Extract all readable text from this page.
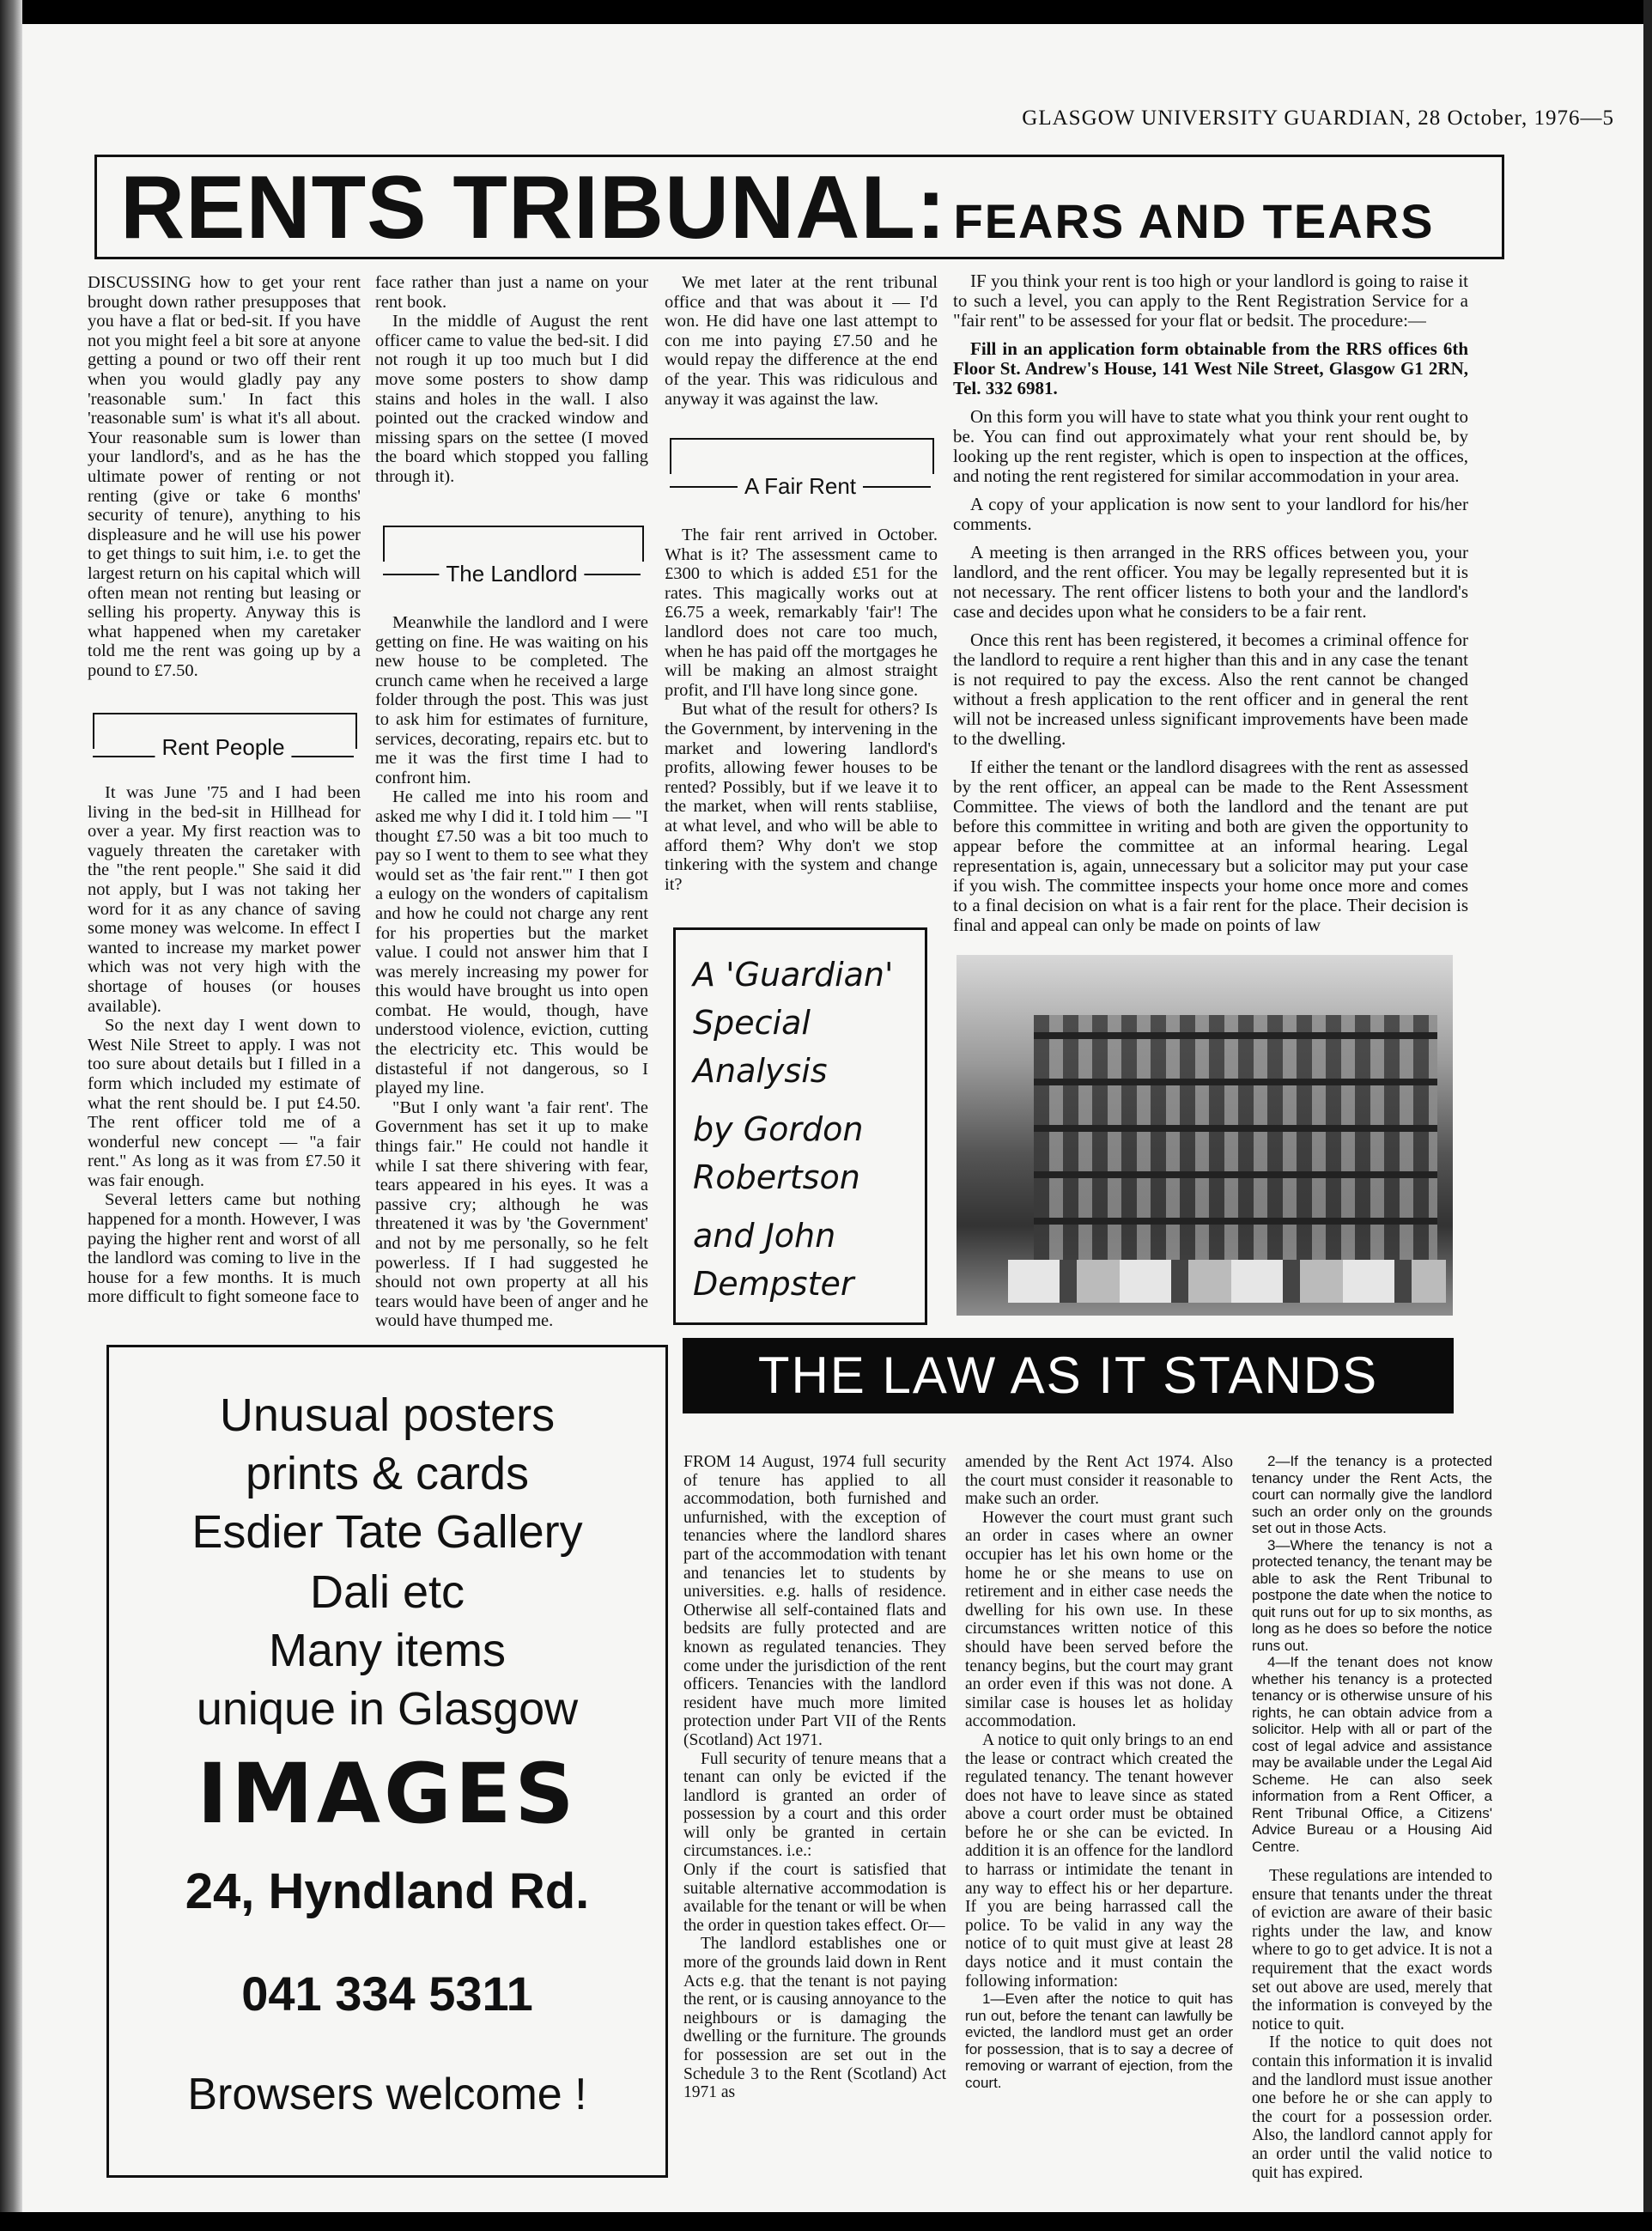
GLASGOW UNIVERSITY GUARDIAN, 28 October, 1976—5
RENTS TRIBUNAL: FEARS AND TEARS

DISCUSSING how to get your rent brought down rather presupposes that you have a flat or bed-sit. If you have not you might feel a bit sore at anyone getting a pound or two off their rent when you would gladly pay any 'reasonable sum.' In fact this 'reasonable sum' is what it's all about. Your reasonable sum is lower than your landlord's, and as he has the ultimate power of renting or not renting (give or take 6 months' security of tenure), anything to his displeasure and he will use his power to get things to suit him, i.e. to get the largest return on his capital which will often mean not renting but leasing or selling his property. Anyway this is what happened when my caretaker told me the rent was going up by a pound to £7.50.

Rent People

It was June '75 and I had been living in the bed-sit in Hillhead for over a year. My first reaction was to vaguely threaten the caretaker with the "the rent people." She said it did not apply, but I was not taking her word for it as any chance of saving some money was welcome. In effect I wanted to increase my market power which was not very high with the shortage of houses (or houses available).

So the next day I went down to West Nile Street to apply. I was not too sure about details but I filled in a form which included my estimate of what the rent should be. I put £4.50. The rent officer told me of a wonderful new concept — "a fair rent." As long as it was from £7.50 it was fair enough.

Several letters came but nothing happened for a month. However, I was paying the higher rent and worst of all the landlord was coming to live in the house for a few months. It is much more difficult to fight someone face to

face rather than just a name on your rent book.

In the middle of August the rent officer came to value the bed-sit. I did not rough it up too much but I did move some posters to show damp stains and holes in the wall. I also pointed out the cracked window and missing spars on the settee (I moved the board which stopped you falling through it).

The Landlord

Meanwhile the landlord and I were getting on fine. He was waiting on his new house to be completed. The crunch came when he received a large folder through the post. This was just to ask him for estimates of furniture, services, decorating, repairs etc. but to me it was the first time I had to confront him.

He called me into his room and asked me why I did it. I told him — "I thought £7.50 was a bit too much to pay so I went to them to see what they would set as 'the fair rent.'" I then got a eulogy on the wonders of capitalism and how he could not charge any rent for his properties but the market value. I could not answer him that I was merely increasing my power for this would have brought us into open combat. He would, though, have understood violence, eviction, cutting the electricity etc. This would be distasteful if not dangerous, so I played my line.

"But I only want 'a fair rent'. The Government has set it up to make things fair." He could not handle it while I sat there shivering with fear, tears appeared in his eyes. It was a passive cry; although he was threatened it was by 'the Government' and not by me personally, so he felt powerless. If I had suggested he should not own property at all his tears would have been of anger and he would have thumped me.

We met later at the rent tribunal office and that was about it — I'd won. He did have one last attempt to con me into paying £7.50 and he would repay the difference at the end of the year. This was ridiculous and anyway it was against the law.

A Fair Rent

The fair rent arrived in October. What is it? The assessment came to £300 to which is added £51 for the rates. This magically works out at £6.75 a week, remarkably 'fair'! The landlord does not care too much, when he has paid off the mortgages he will be making an almost straight profit, and I'll have long since gone.

But what of the result for others? Is the Government, by intervening in the market and lowering landlord's profits, allowing fewer houses to be rented? Possibly, but if we leave it to the market, when will rents stabliise, at what level, and who will be able to afford them? Why don't we stop tinkering with the system and change it?

IF you think your rent is too high or your landlord is going to raise it to such a level, you can apply to the Rent Registration Service for a "fair rent" to be assessed for your flat or bedsit. The procedure:—

Fill in an application form obtainable from the RRS offices 6th Floor St. Andrew's House, 141 West Nile Street, Glasgow G1 2RN, Tel. 332 6981.

On this form you will have to state what you think your rent ought to be. You can find out approximately what your rent should be, by looking up the rent register, which is open to inspection at the offices, and noting the rent registered for similar accommodation in your area.

A copy of your application is now sent to your landlord for his/her comments.

A meeting is then arranged in the RRS offices between you, your landlord, and the rent officer. You may be legally represented but it is not necessary. The rent officer listens to both your and the landlord's case and decides upon what he considers to be a fair rent.

Once this rent has been registered, it becomes a criminal offence for the landlord to require a rent higher than this and in any case the tenant is not required to pay the excess. Also the rent cannot be changed without a fresh application to the rent officer and in general the rent will not be increased unless significant improvements have been made to the dwelling.

If either the tenant or the landlord disagrees with the rent as assessed by the rent officer, an appeal can be made to the Rent Assessment Committee. The views of both the landlord and the tenant are put before this committee in writing and both are given the opportunity to appear before the committee at an informal hearing. Legal representation is, again, unnecessary but a solicitor may put your case if you wish. The committee inspects your home once more and comes to a final decision on what is a fair rent for the place. Their decision is final and appeal can only be made on points of law

A 'Guardian'
Special
Analysis
by Gordon
Robertson
and John
Dempster
THE LAW AS IT STANDS

FROM 14 August, 1974 full security of tenure has applied to all accommodation, both furnished and unfurnished, with the exception of tenancies where the landlord shares part of the accommodation with tenant and tenancies let to students by universities. e.g. halls of residence. Otherwise all self-contained flats and bedsits are fully protected and are known as regulated tenancies. They come under the jurisdiction of the rent officers. Tenancies with the landlord resident have much more limited protection under Part VII of the Rents (Scotland) Act 1971.

Full security of tenure means that a tenant can only be evicted if the landlord is granted an order of possession by a court and this order will only be granted in certain circumstances. i.e.:

Only if the court is satisfied that suitable alternative accommodation is available for the tenant or will be when the order in question takes effect. Or—

The landlord establishes one or more of the grounds laid down in Rent Acts e.g. that the tenant is not paying the rent, or is causing annoyance to the neighbours or is damaging the dwelling or the furniture. The grounds for possession are set out in the Schedule 3 to the Rent (Scotland) Act 1971 as

amended by the Rent Act 1974. Also the court must consider it reasonable to make such an order.

However the court must grant such an order in cases where an owner occupier has let his own home or the home he or she means to use on retirement and in either case needs the dwelling for his own use. In these circumstances written notice of this should have been served before the tenancy begins, but the court may grant an order even if this was not done. A similar case is houses let as holiday accommodation.

A notice to quit only brings to an end the lease or contract which created the regulated tenancy. The tenant however does not have to leave since as stated above a court order must be obtained before he or she can be evicted. In addition it is an offence for the landlord to harrass or intimidate the tenant in any way to effect his or her departure. If you are being harrassed call the police. To be valid in any way the notice of to quit must give at least 28 days notice and it must contain the following information:

1—Even after the notice to quit has run out, before the tenant can lawfully be evicted, the landlord must get an order for possession, that is to say a decree of removing or warrant of ejection, from the court.

2—If the tenancy is a protected tenancy under the Rent Acts, the court can normally give the landlord such an order only on the grounds set out in those Acts.

3—Where the tenancy is not a protected tenancy, the tenant may be able to ask the Rent Tribunal to postpone the date when the notice to quit runs out for up to six months, as long as he does so before the notice runs out.

4—If the tenant does not know whether his tenancy is a protected tenancy or is otherwise unsure of his rights, he can obtain advice from a solicitor. Help with all or part of the cost of legal advice and assistance may be available under the Legal Aid Scheme. He can also seek information from a Rent Officer, a Rent Tribunal Office, a Citizens' Advice Bureau or a Housing Aid Centre.

These regulations are intended to ensure that tenants under the threat of eviction are aware of their basic rights under the law, and know where to go to get advice. It is not a requirement that the exact words set out above are used, merely that the information is conveyed by the notice to quit.

If the notice to quit does not contain this information it is invalid and the landlord must issue another one before he or she can apply to the court for a possession order. Also, the landlord cannot apply for an order until the valid notice to quit has expired.

Unusual posters
prints & cards
Esdier Tate Gallery
Dali etc
Many items
unique in Glasgow
IMAGES
24, Hyndland Rd.
041 334 5311
Browsers welcome !
